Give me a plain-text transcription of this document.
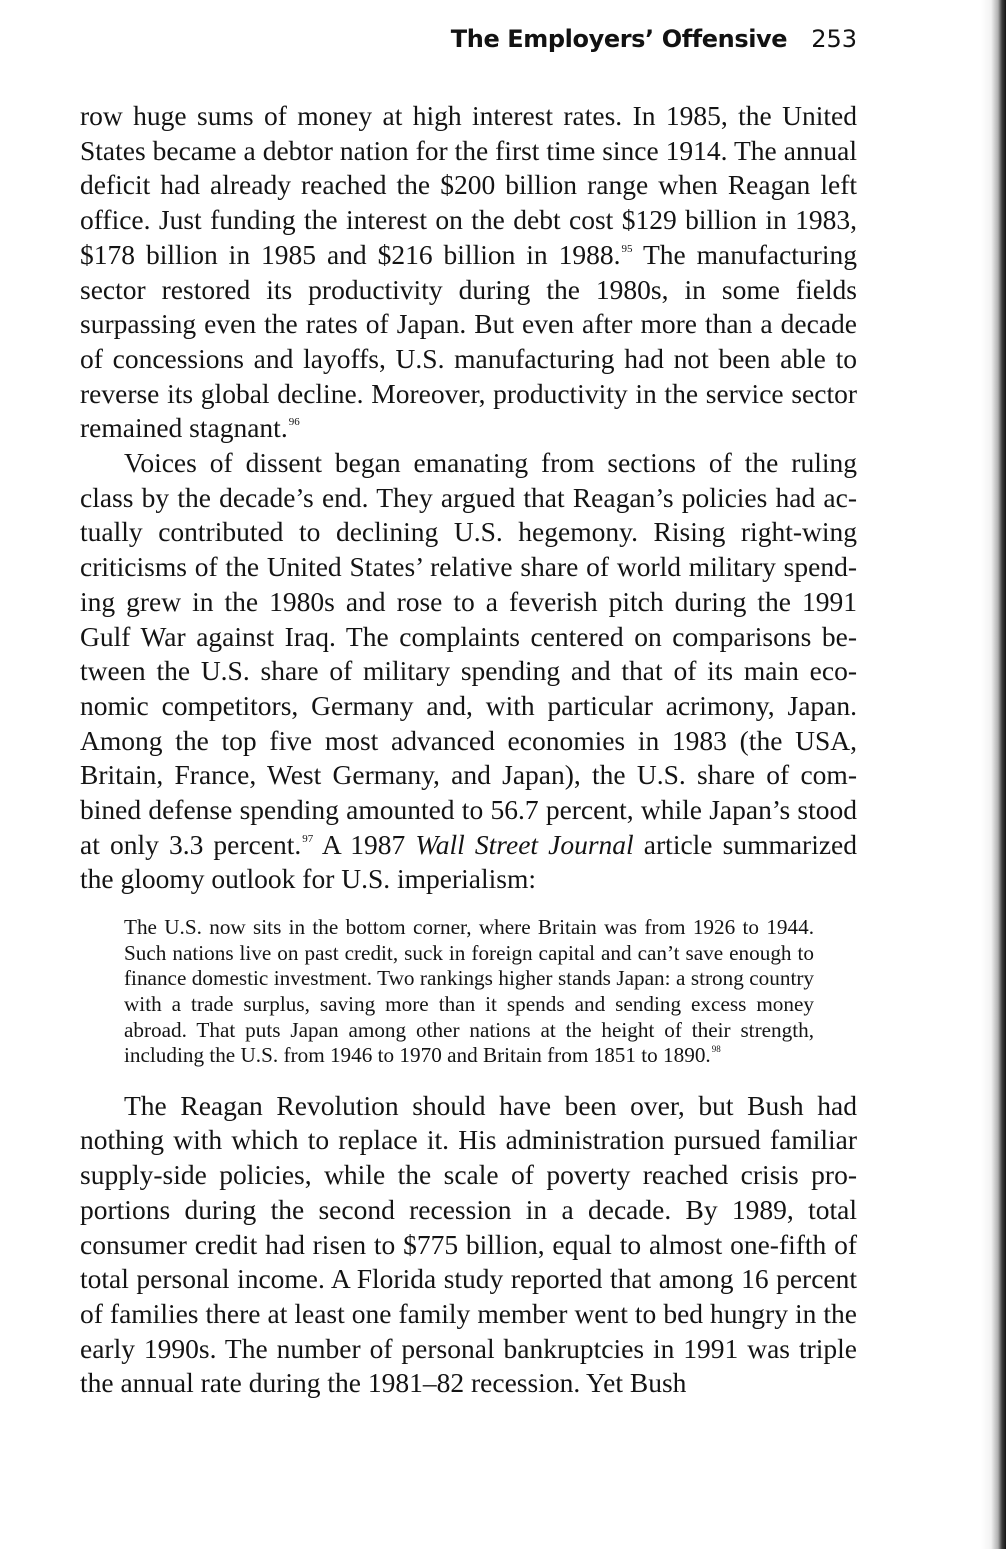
The Employers’ Offensive 253

row huge sums of money at high interest rates. In 1985, the United States became a debtor nation for the first time since 1914. The annual deficit had already reached the $200 billion range when Reagan left office. Just funding the interest on the debt cost $129 billion in 1983, $178 billion in 1985 and $216 billion in 1988.95 The manufacturing sector restored its productivity during the 1980s, in some fields surpassing even the rates of Japan. But even after more than a decade of concessions and layoffs, U.S. manufacturing had not been able to reverse its global decline. Moreover, productivity in the service sector remained stagnant.$^{96}$

Voices of dissent began emanating from sections of the ruling class by the decade’s end. They argued that Reagan’s policies had actually contributed to declining U.S. hegemony. Rising right-wing criticisms of the United States’ relative share of world military spending grew in the 1980s and rose to a feverish pitch during the 1991 Gulf War against Iraq. The complaints centered on comparisons between the U.S. share of military spending and that of its main economic competitors, Germany and, with particular acrimony, Japan. Among the top five most advanced economies in 1983 (the USA, Britain, France, West Germany, and Japan), the U.S. share of combined defense spending amounted to 56.7 percent, while Japan’s stood at only 3.3 percent.$^{97}$ A 1987 Wall Street Journal article summarized the gloomy outlook for U.S. imperialism:

The U.S. now sits in the bottom corner, where Britain was from 1926 to 1944. Such nations live on past credit, suck in foreign capital and can’t save enough to finance domestic investment. Two rankings higher stands Japan: a strong country with a trade surplus, saving more than it spends and sending excess money abroad. That puts Japan among other nations at the height of their strength, including the U.S. from 1946 to 1970 and Britain from 1851 to 1890.98

The Reagan Revolution should have been over, but Bush had nothing with which to replace it. His administration pursued familiar supply-side policies, while the scale of poverty reached crisis proportions during the second recession in a decade. By 1989, total consumer credit had risen to $775 billion, equal to almost one-fifth of total personal income. A Florida study reported that among 16 percent of families there at least one family member went to bed hungry in the early 1990s. The number of personal bankruptcies in 1991 was triple the annual rate during the 1981–82 recession. Yet Bush
